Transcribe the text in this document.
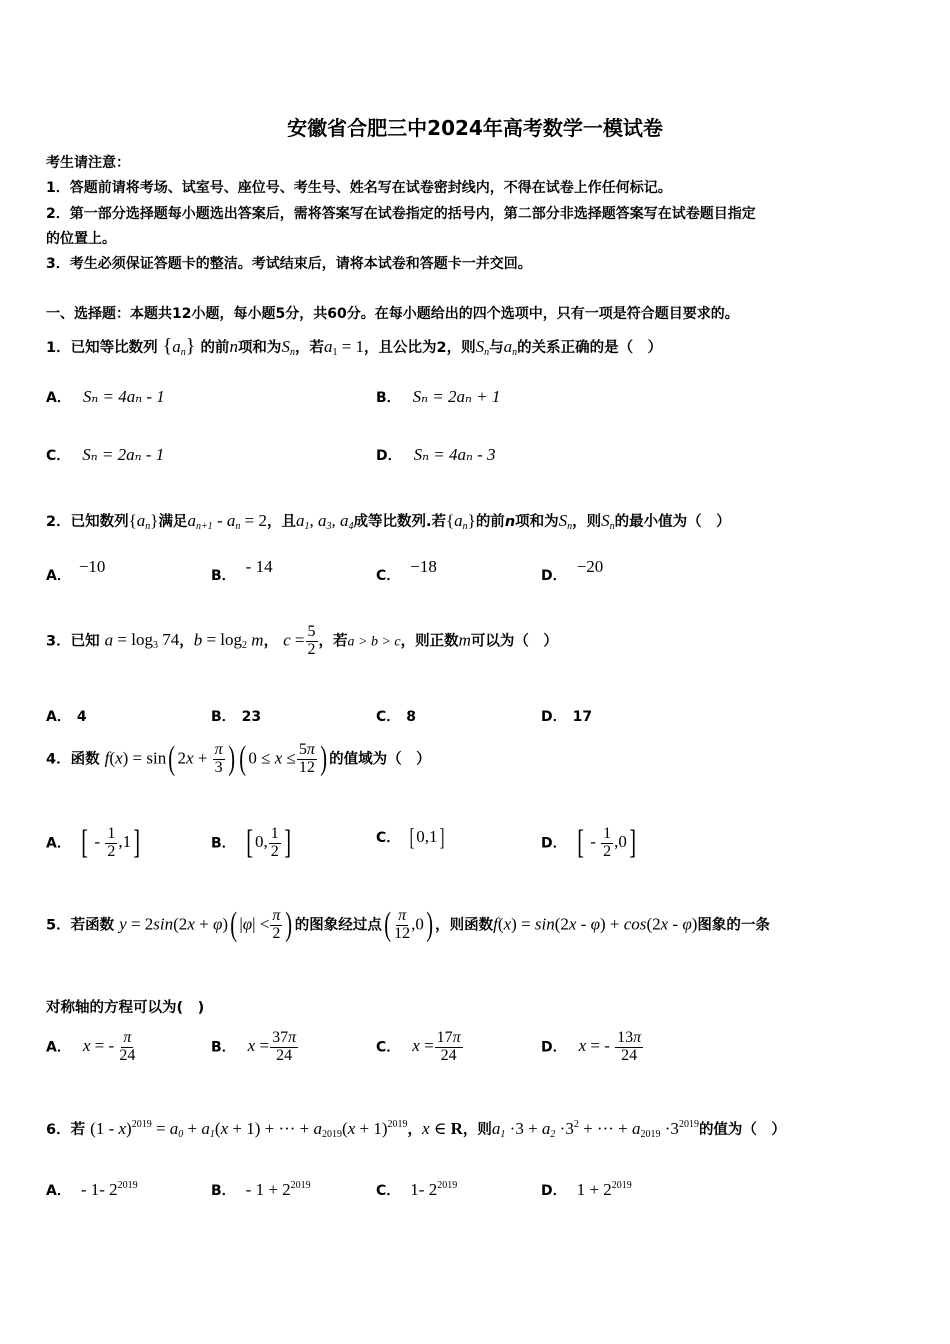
安徽省合肥三中2024年高考数学一模试卷
考生请注意：
1．答题前请将考场、试室号、座位号、考生号、姓名写在试卷密封线内，不得在试卷上作任何标记。
2．第一部分选择题每小题选出答案后，需将答案写在试卷指定的括号内，第二部分非选择题答案写在试卷题目指定
的位置上。
3．考生必须保证答题卡的整洁。考试结束后，请将本试卷和答题卡一并交回。
一、选择题：本题共12小题，每小题5分，共60分。在每小题给出的四个选项中，只有一项是符合题目要求的。
1．已知等比数列 $\{a_n\}$ 的前n项和为$S_n$，若$a_1 = 1$，且公比为2，则$S_n$与$a_n$的关系正确的是（　）
A． Sₙ = 4aₙ - 1	B． Sₙ = 2aₙ + 1
C． Sₙ = 2aₙ - 1	D． Sₙ = 4aₙ - 3
2．已知数列$\{a_n\}$满足$a_{n+1} - a_n = 2$，且$a_1$, $a_3$, $a_4$成等比数列.若$\{a_n\}$的前n项和为$S_n$，则$S_n$的最小值为（　）
A． −10	B． - 14	C． −18	D． −20
3．已知 $a = \log_3 74$，$b = \log_2 m$， $c = \frac{5}{2}$ ，若a > b > c，则正数m可以为（　）
A． 4	B． 23	C． 8	D． 17
4．函数 f(x) = sin( $2x + \frac{\pi}{3}$ ) ( $0 \le x \le \frac{5\pi}{12}$ ) 的值域为（　）
A． [ - $\frac{1}{2} ,1$]	B． [ 0, $\frac{1}{2}$ ]	C． [0,1]	D． [ - $\frac{1}{2} ,0$]
5．若函数 y = 2sin(2x + φ)( $|\varphi| < \frac{\pi}{2}$ ) 的图象经过点( $\frac{\pi}{12} ,0$) ，则函数f(x) = sin(2x - φ) + cos(2x - φ)图象的一条
对称轴的方程可以为(　)
A． x = - $\frac{\pi}{24}$	B． $x = \frac{37\pi}{24}$	C． $x = \frac{17\pi}{24}$	D． x = - $\frac{13\pi}{24}$
6．若 $(1 - x)^{2019} = a_0 + a_1(x + 1)$ + ··· + $a_{2019}(x + 1)^{2019}$，x ∈ R，则$a_1 \cdot 3 + a_2 \cdot 3^2$ + ··· + $a_{2019} \cdot 3^{2019}$的值为（　）
A． - 1- $2^{2019}$	B． - $1 + 2^{2019}$	C． 1- $2^{2019}$	D． $1 + 2^{2019}$
